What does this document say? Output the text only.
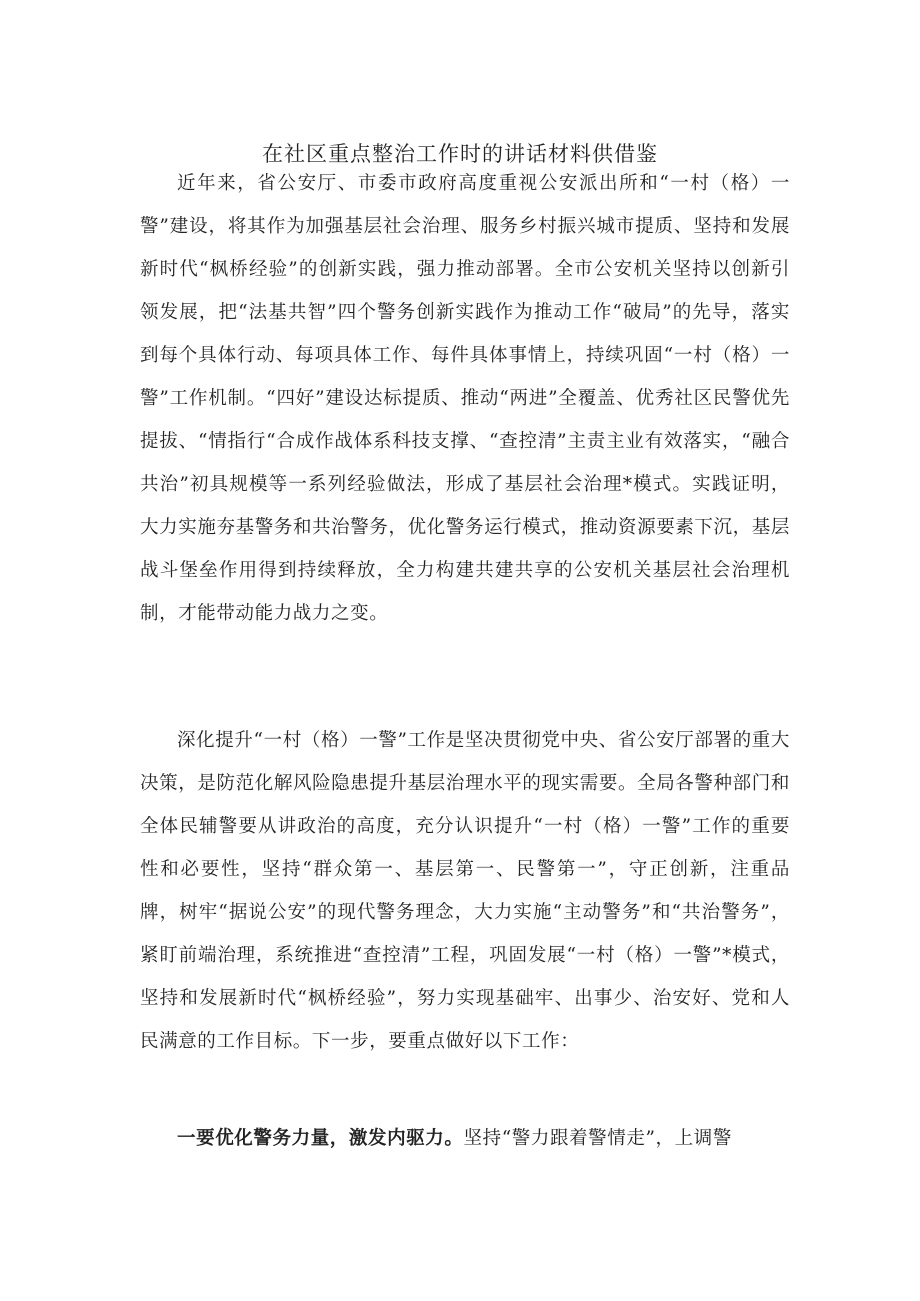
在社区重点整治工作时的讲话材料供借鉴

近年来，省公安厅、市委市政府高度重视公安派出所和“一村（格）一警”建设，将其作为加强基层社会治理、服务乡村振兴城市提质、坚持和发展新时代“枫桥经验”的创新实践，强力推动部署。全市公安机关坚持以创新引领发展，把“法基共智”四个警务创新实践作为推动工作“破局”的先导，落实到每个具体行动、每项具体工作、每件具体事情上，持续巩固“一村（格）一警”工作机制。“四好”建设达标提质、推动“两进”全覆盖、优秀社区民警优先提拔、“情指行“合成作战体系科技支撑、“查控清”主责主业有效落实，“融合共治”初具规模等一系列经验做法，形成了基层社会治理*模式。实践证明，大力实施夯基警务和共治警务，优化警务运行模式，推动资源要素下沉，基层战斗堡垒作用得到持续释放，全力构建共建共享的公安机关基层社会治理机制，才能带动能力战力之变。

深化提升“一村（格）一警”工作是坚决贯彻党中央、省公安厅部署的重大决策，是防范化解风险隐患提升基层治理水平的现实需要。全局各警种部门和全体民辅警要从讲政治的高度，充分认识提升“一村（格）一警”工作的重要性和必要性，坚持“群众第一、基层第一、民警第一”，守正创新，注重品牌，树牢“据说公安”的现代警务理念，大力实施“主动警务”和“共治警务”，紧盯前端治理，系统推进“查控清”工程，巩固发展“一村（格）一警”*模式，坚持和发展新时代“枫桥经验”，努力实现基础牢、出事少、治安好、党和人民满意的工作目标。下一步，要重点做好以下工作：

一要优化警务力量，激发内驱力。坚持“警力跟着警情走”，上调警
